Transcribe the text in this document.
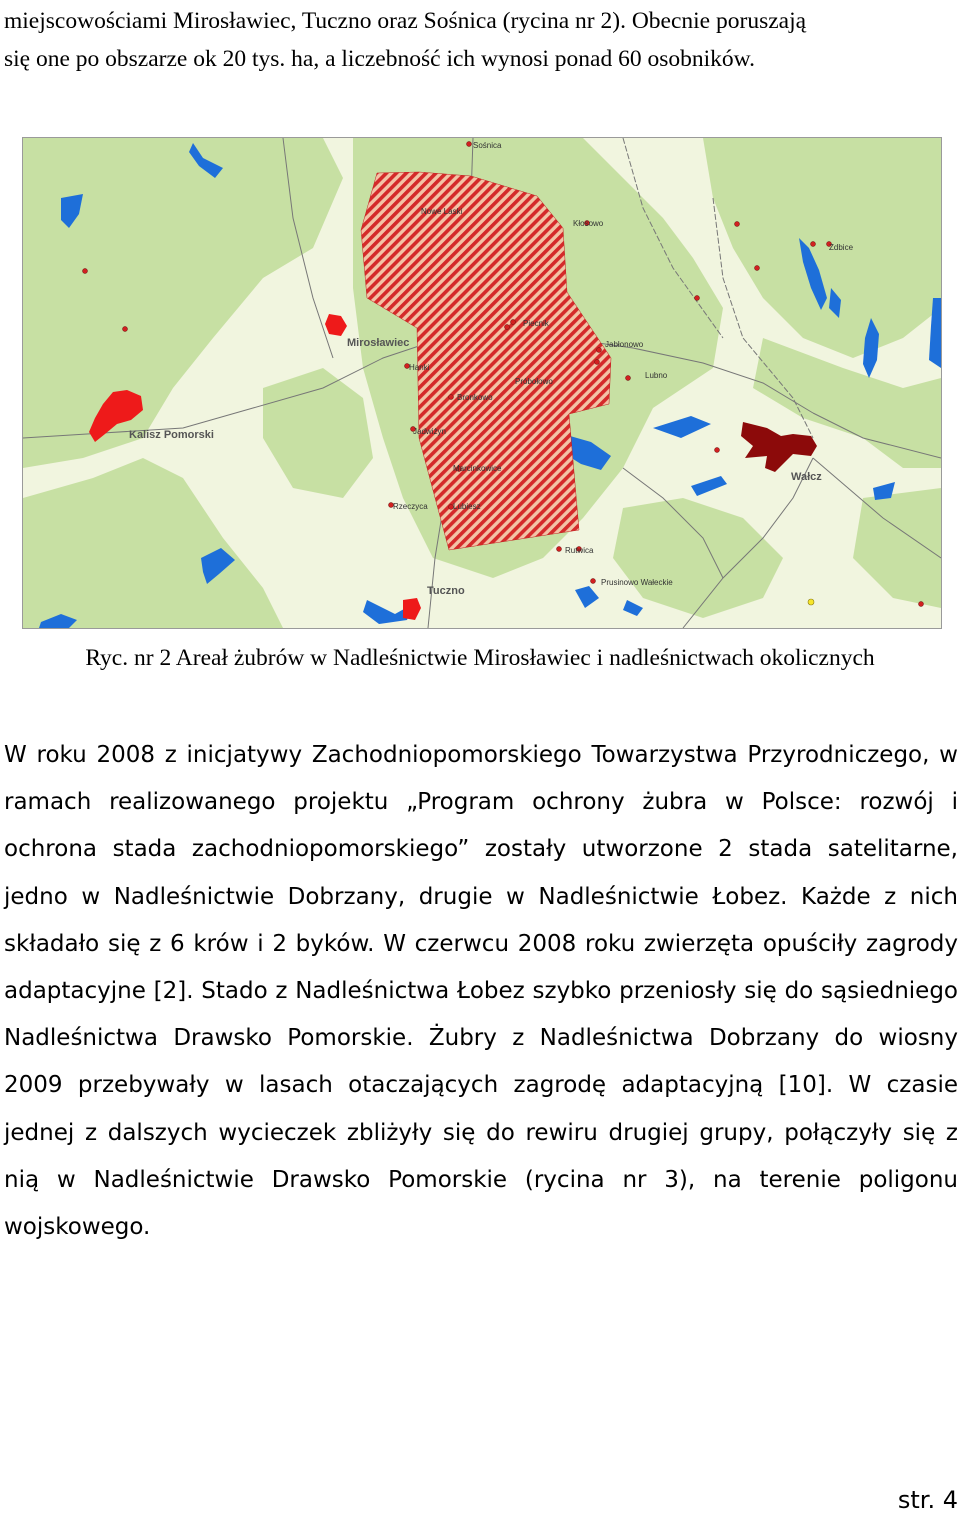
miejscowościami Mirosławiec, Tuczno oraz Sośnica (rycina nr 2). Obecnie poruszają

się one po obszarze ok 20 tys. ha, a liczebność ich wynosi ponad 60 osobników.

Sośnica
Nowe Laski
Kłosowo
Zdbice
Piecnik
Jabłonowo
Mirosławiec
Hanki
Próbołowo
Lubno
Bronkowo
Kalisz Pomorski	Jadwiżyn
Marcinkowice
Wałcz
Rzeczyca	Lubiesz
Rutwica
Prusinowo Wałeckie
Tuczno
Ryc. nr 2 Areał żubrów w Nadleśnictwie Mirosławiec i nadleśnictwach okolicznych

W roku 2008 z inicjatywy Zachodniopomorskiego Towarzystwa Przyrodniczego, w ramach realizowanego projektu „Program ochrony żubra w Polsce: rozwój i ochrona stada zachodniopomorskiego” zostały utworzone 2 stada satelitarne, jedno w Nadleśnictwie Dobrzany, drugie w Nadleśnictwie Łobez. Każde z nich składało się z 6 krów i 2 byków. W czerwcu 2008 roku zwierzęta opuściły zagrody adaptacyjne [2]. Stado z Nadleśnictwa Łobez szybko przeniosły się do sąsiedniego Nadleśnictwa Drawsko Pomorskie. Żubry z Nadleśnictwa Dobrzany do wiosny 2009 przebywały w lasach otaczających zagrodę adaptacyjną [10]. W czasie jednej z dalszych wycieczek zbliżyły się do rewiru drugiej grupy, połączyły się z nią w Nadleśnictwie Drawsko Pomorskie (rycina nr 3), na terenie poligonu wojskowego.

str. 4
